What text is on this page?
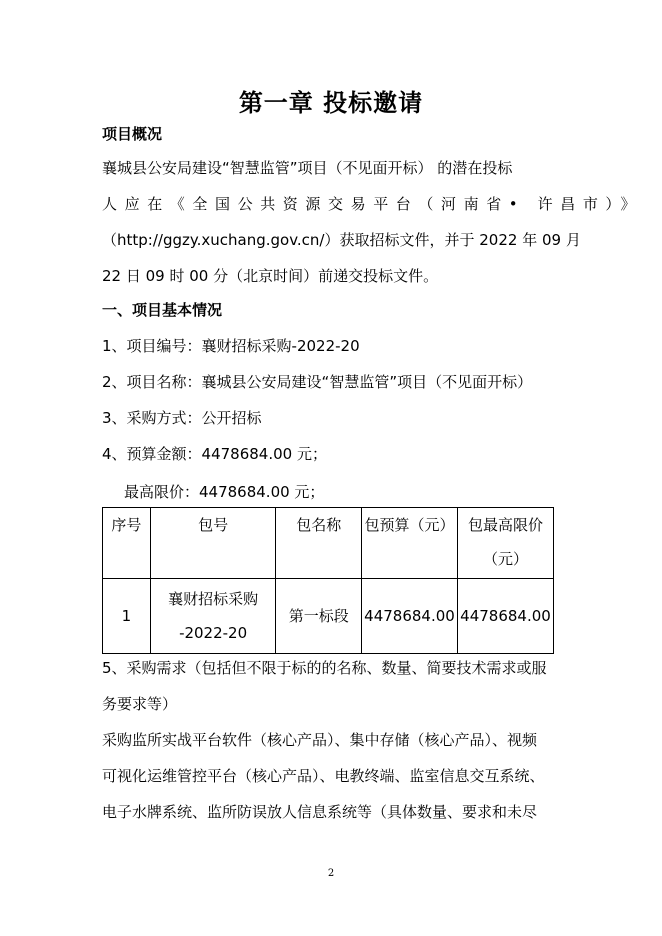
第一章 投标邀请
项目概况
襄城县公安局建设“智慧监管”项目（不见面开标） 的潜在投标
人应在《全国公共资源交易平台（河南省• 许昌市）》
（http://ggzy.xuchang.gov.cn/）获取招标文件，并于 2022 年 09 月
22 日 09 时 00 分（北京时间）前递交投标文件。
一、项目基本情况
1、项目编号：襄财招标采购-2022-20
2、项目名称：襄城县公安局建设“智慧监管”项目（不见面开标）
3、采购方式：公开招标
4、预算金额：4478684.00 元；
最高限价：4478684.00 元；
序号	包号	包名称	包预算（元）	包最高限价
（元）

1	襄财招标采购
-2022-20	第一标段	4478684.00	4478684.00
5、采购需求（包括但不限于标的的名称、数量、简要技术需求或服
务要求等）
采购监所实战平台软件（核心产品）、集中存储（核心产品）、视频
可视化运维管控平台（核心产品）、电教终端、监室信息交互系统、
电子水牌系统、监所防误放人信息系统等（具体数量、要求和未尽
2
